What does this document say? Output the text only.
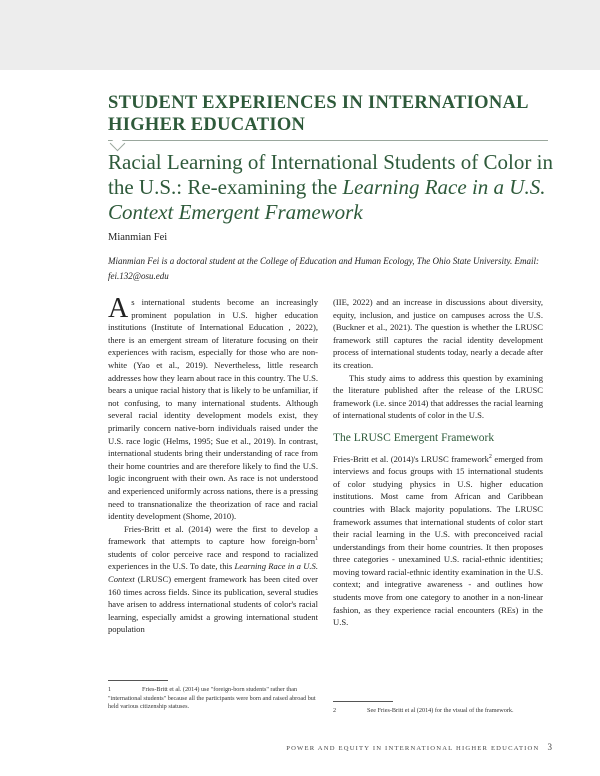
STUDENT EXPERIENCES IN INTERNATIONAL HIGHER EDUCATION
Racial Learning of International Students of Color in the U.S.: Re-examining the Learning Race in a U.S. Context Emergent Framework

Mianmian Fei

Mianmian Fei is a doctoral student at the College of Education and Human Ecology, The Ohio State University. Email: fei.132@osu.edu

As international students become an increasingly prominent population in U.S. higher education institutions (Institute of International Education , 2022), there is an emergent stream of literature focusing on their experiences with racism, especially for those who are non-white (Yao et al., 2019). Nevertheless, little research addresses how they learn about race in this country. The U.S. bears a unique racial history that is likely to be unfamiliar, if not confusing, to many international students. Although several racial identity development models exist, they primarily concern native-born individuals raised under the U.S. race logic (Helms, 1995; Sue et al., 2019). In contrast, international students bring their understanding of race from their home countries and are therefore likely to find the U.S. logic incongruent with their own. As race is not understood and experienced uniformly across nations, there is a pressing need to transnationalize the theorization of race and racial identity development (Shome, 2010).

Fries-Britt et al. (2014) were the first to develop a framework that attempts to capture how foreign-born$^1$ students of color perceive race and respond to racialized experiences in the U.S. To date, this Learning Race in a U.S. Context (LRUSC) emergent framework has been cited over 160 times across fields. Since its publication, several studies have arisen to address international students of color's racial learning, especially amidst a growing international student population

(IIE, 2022) and an increase in discussions about diversity, equity, inclusion, and justice on campuses across the U.S. (Buckner et al., 2021). The question is whether the LRUSC framework still captures the racial identity development process of international students today, nearly a decade after its creation.

This study aims to address this question by examining the literature published after the release of the LRUSC framework (i.e. since 2014) that addresses the racial learning of international students of color in the U.S.

The LRUSC Emergent Framework

Fries-Britt et al. (2014)'s LRUSC framework$^2$ emerged from interviews and focus groups with 15 international students of color studying physics in U.S. higher education institutions. Most came from African and Caribbean countries with Black majority populations. The LRUSC framework assumes that international students of color start their racial learning in the U.S. with preconceived racial understandings from their home countries. It then proposes three categories - unexamined U.S. racial-ethnic identities; moving toward racial-ethnic identity examination in the U.S. context; and integrative awareness - and outlines how students move from one category to another in a non-linear fashion, as they experience racial encounters (REs) in the U.S.

1	Fries-Britt et al. (2014) use "foreign-born students" rather than "international students" because all the participants were born and raised abroad but held various citizenship statuses.
2	See Fries-Britt et al (2014) for the visual of the framework.
POWER AND EQUITY IN INTERNATIONAL HIGHER EDUCATION 3
